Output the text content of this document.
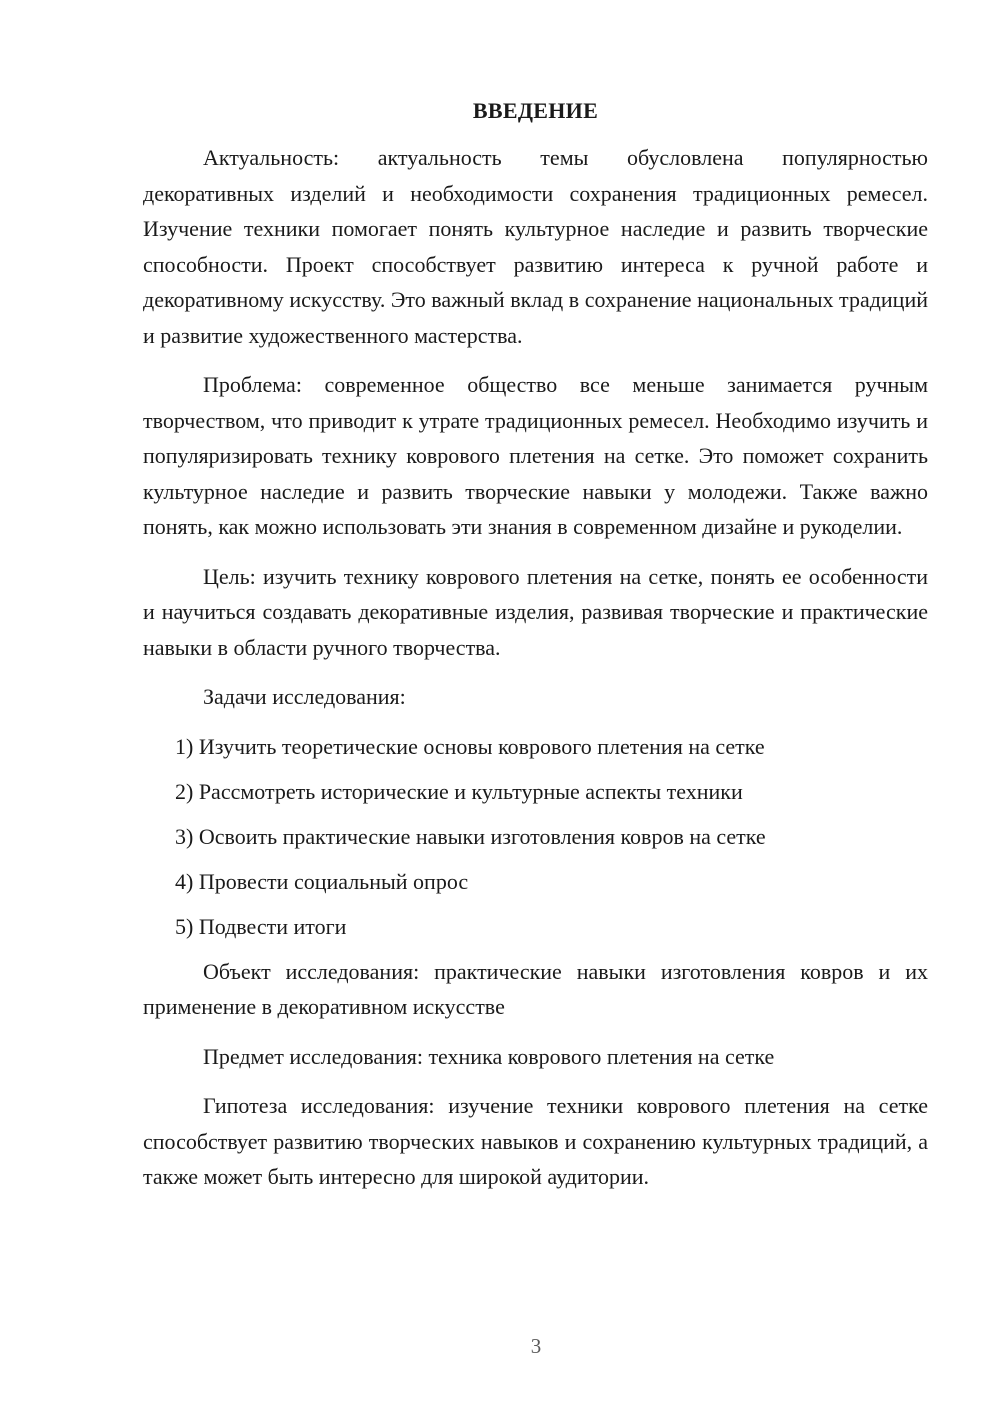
ВВЕДЕНИЕ

Актуальность: актуальность темы обусловлена популярностью декоративных изделий и необходимости сохранения традиционных ремесел. Изучение техники помогает понять культурное наследие и развить творческие способности. Проект способствует развитию интереса к ручной работе и декоративному искусству. Это важный вклад в сохранение национальных традиций и развитие художественного мастерства.

Проблема: современное общество все меньше занимается ручным творчеством, что приводит к утрате традиционных ремесел. Необходимо изучить и популяризировать технику коврового плетения на сетке. Это поможет сохранить культурное наследие и развить творческие навыки у молодежи. Также важно понять, как можно использовать эти знания в современном дизайне и рукоделии.

Цель: изучить технику коврового плетения на сетке, понять ее особенности и научиться создавать декоративные изделия, развивая творческие и практические навыки в области ручного творчества.

Задачи исследования:

1) Изучить теоретические основы коврового плетения на сетке
2) Рассмотреть исторические и культурные аспекты техники
3) Освоить практические навыки изготовления ковров на сетке
4) Провести социальный опрос
5) Подвести итоги

Объект исследования: практические навыки изготовления ковров и их применение в декоративном искусстве

Предмет исследования: техника коврового плетения на сетке

Гипотеза исследования: изучение техники коврового плетения на сетке способствует развитию творческих навыков и сохранению культурных традиций, а также может быть интересно для широкой аудитории.

3
